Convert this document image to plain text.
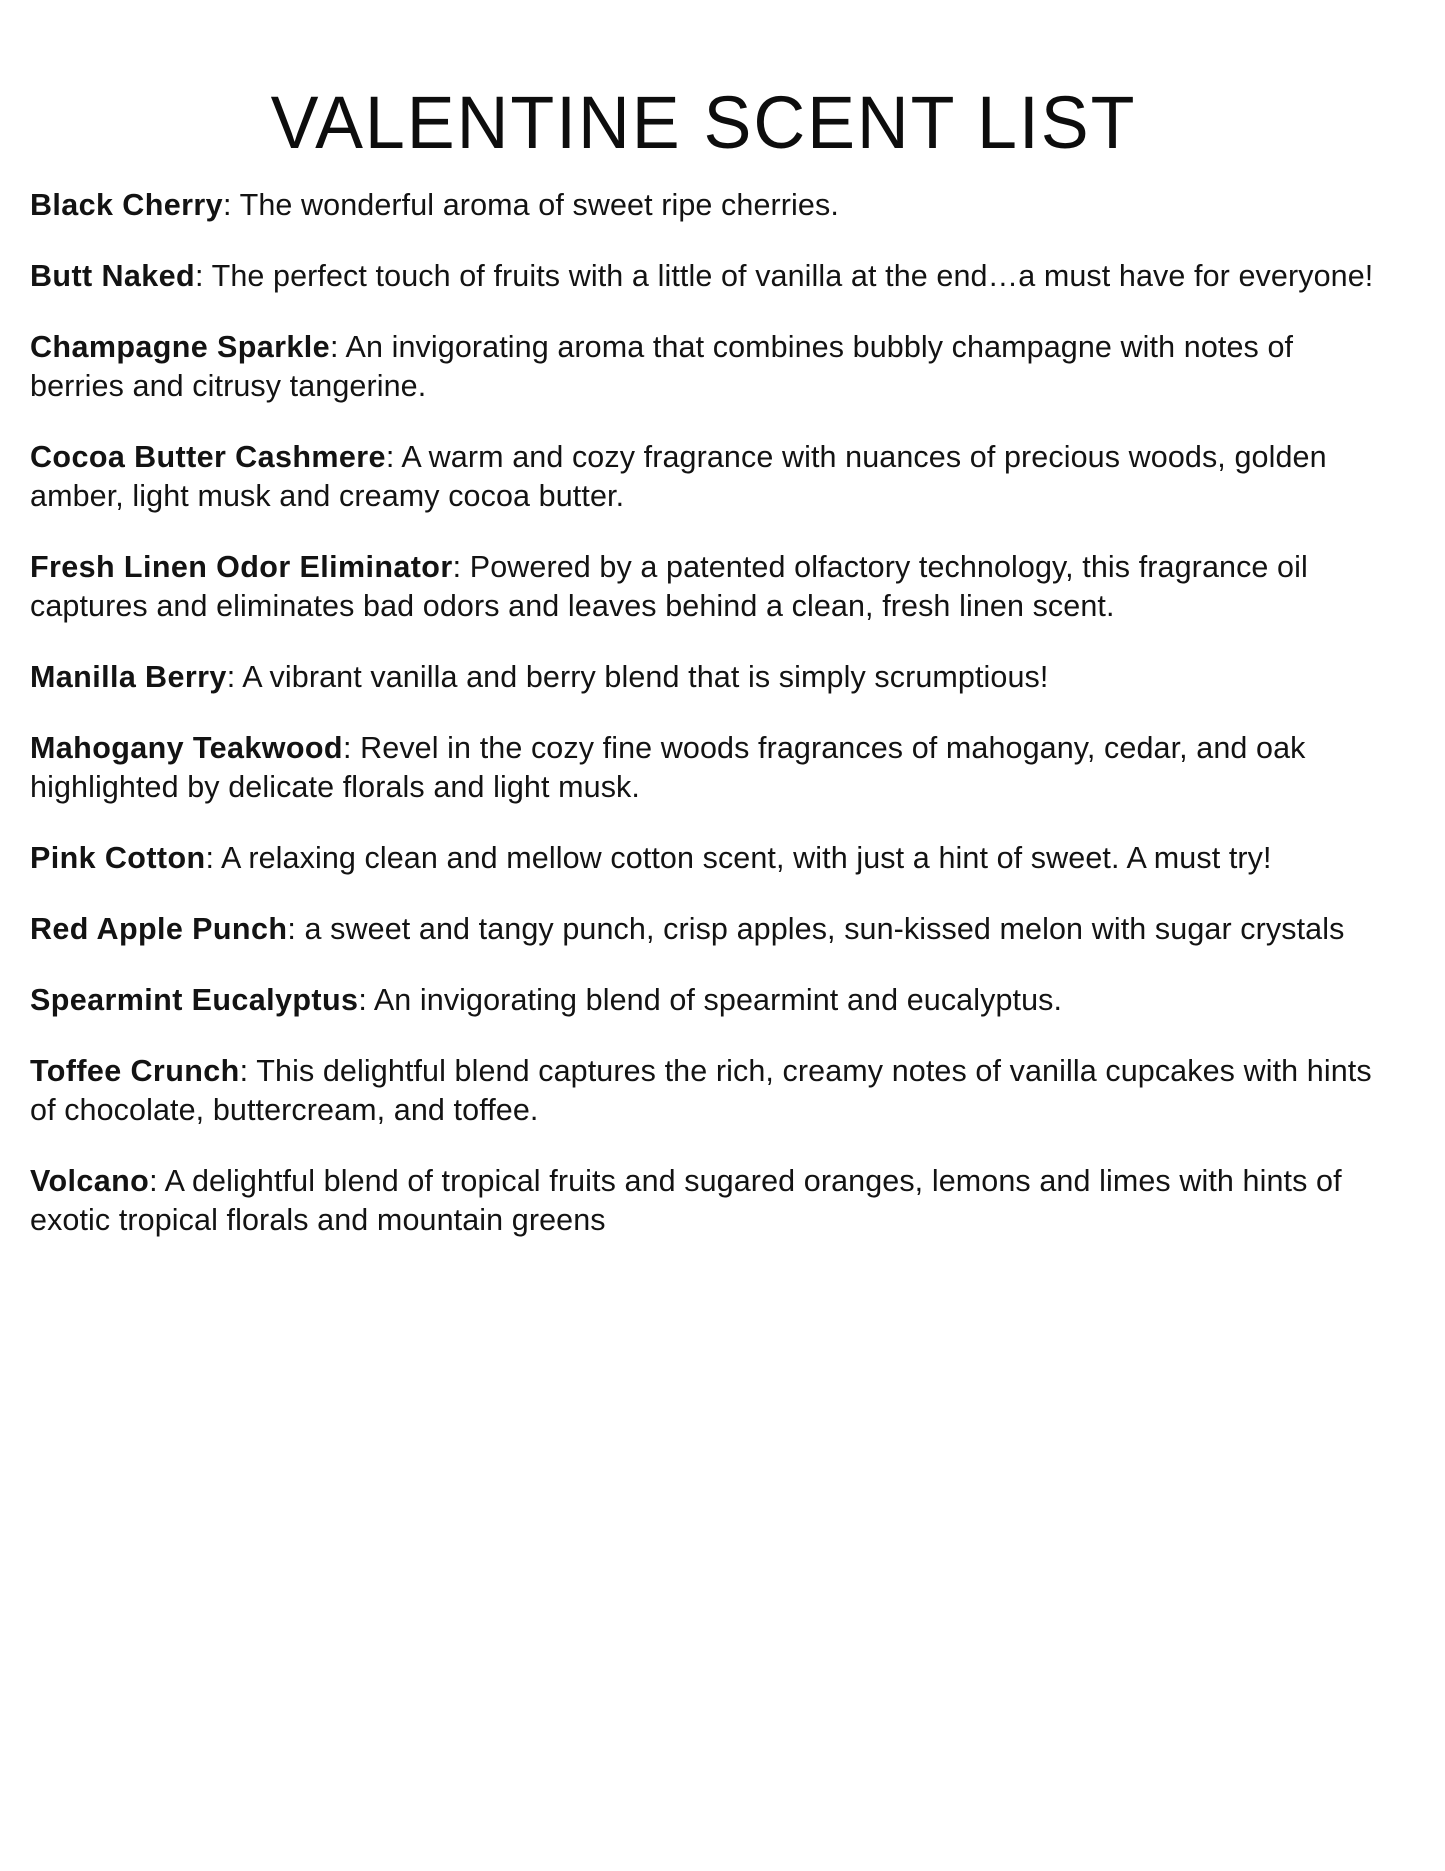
VALENTINE SCENT LIST
Black Cherry: The wonderful aroma of sweet ripe cherries.
Butt Naked: The perfect touch of fruits with a little of vanilla at the end…a must have for everyone!
Champagne Sparkle: An invigorating aroma that combines bubbly champagne with notes of berries and citrusy tangerine.
Cocoa Butter Cashmere: A warm and cozy fragrance with nuances of precious woods, golden amber, light musk and creamy cocoa butter.
Fresh Linen Odor Eliminator: Powered by a patented olfactory technology, this fragrance oil captures and eliminates bad odors and leaves behind a clean, fresh linen scent.
Manilla Berry: A vibrant vanilla and berry blend that is simply scrumptious!
Mahogany Teakwood: Revel in the cozy fine woods fragrances of mahogany, cedar, and oak highlighted by delicate florals and light musk.
Pink Cotton: A relaxing clean and mellow cotton scent, with just a hint of sweet. A must try!
Red Apple Punch: a sweet and tangy punch, crisp apples, sun-kissed melon with sugar crystals
Spearmint Eucalyptus: An invigorating blend of spearmint and eucalyptus.
Toffee Crunch: This delightful blend captures the rich, creamy notes of vanilla cupcakes with hints of chocolate, buttercream, and toffee.
Volcano: A delightful blend of tropical fruits and sugared oranges, lemons and limes with hints of exotic tropical florals and mountain greens
